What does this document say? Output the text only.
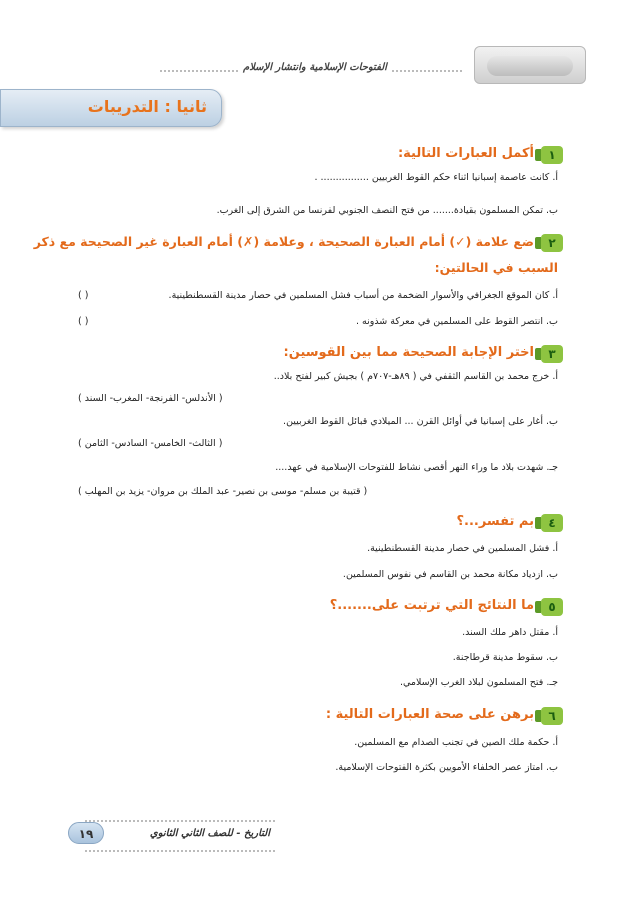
الفتوحات الإسلامية وانتشار الإسلام
ثانيا : التدريبات
١
أكمل العبارات التالية:
أ. كانت عاصمة إسبانيا اثناء حكم القوط الغربيين ................ .
ب. تمكن المسلمون بقيادة....... من فتح النصف الجنوبي لفرنسا من الشرق إلى الغرب.
٢
ضع علامة (✓) أمام العبارة الصحيحة ، وعلامة (✗) أمام العبارة غير الصحيحة مع ذكر
السبب في الحالتين:
أ. كان الموقع الجغرافي والأسوار الضخمة من أسباب فشل المسلمين في حصار مدينة القسطنطينية.
( )
ب. انتصر القوط على المسلمين في معركة شذونه .
( )
٣
اختر الإجابة الصحيحة مما بين القوسين:
أ. خرج محمد بن القاسم الثقفي في ( ٨٩هـ-٧٠٧م ) بجيش كبير لفتح بلاد..
( الأندلس- الفرنجة- المغرب- السند )
ب. أغار على إسبانيا في أوائل القرن ... الميلادي قبائل القوط الغربيين.
( الثالث- الخامس- السادس- الثامن )
جـ. شهدت بلاد ما وراء النهر أقصى نشاط للفتوحات الإسلامية في عهد....
( قتيبة بن مسلم- موسى بن نصير- عبد الملك بن مروان- يزيد بن المهلب )
٤
بم تفسر...؟
أ. فشل المسلمين في حصار مدينة القسطنطينية.
ب. ازدياد مكانة محمد بن القاسم في نفوس المسلمين.
٥
ما النتائج التي ترتبت على.......؟
أ. مقتل داهر ملك السند.
ب. سقوط مدينة قرطاجنة.
جـ. فتح المسلمون لبلاد الغرب الإسلامي.
٦
برهن على صحة العبارات التالية :
أ. حكمة ملك الصين في تجنب الصدام مع المسلمين.
ب. امتاز عصر الخلفاء الأمويين بكثرة الفتوحات الإسلامية.
التاريخ - للصف الثاني الثانوي
١٩
